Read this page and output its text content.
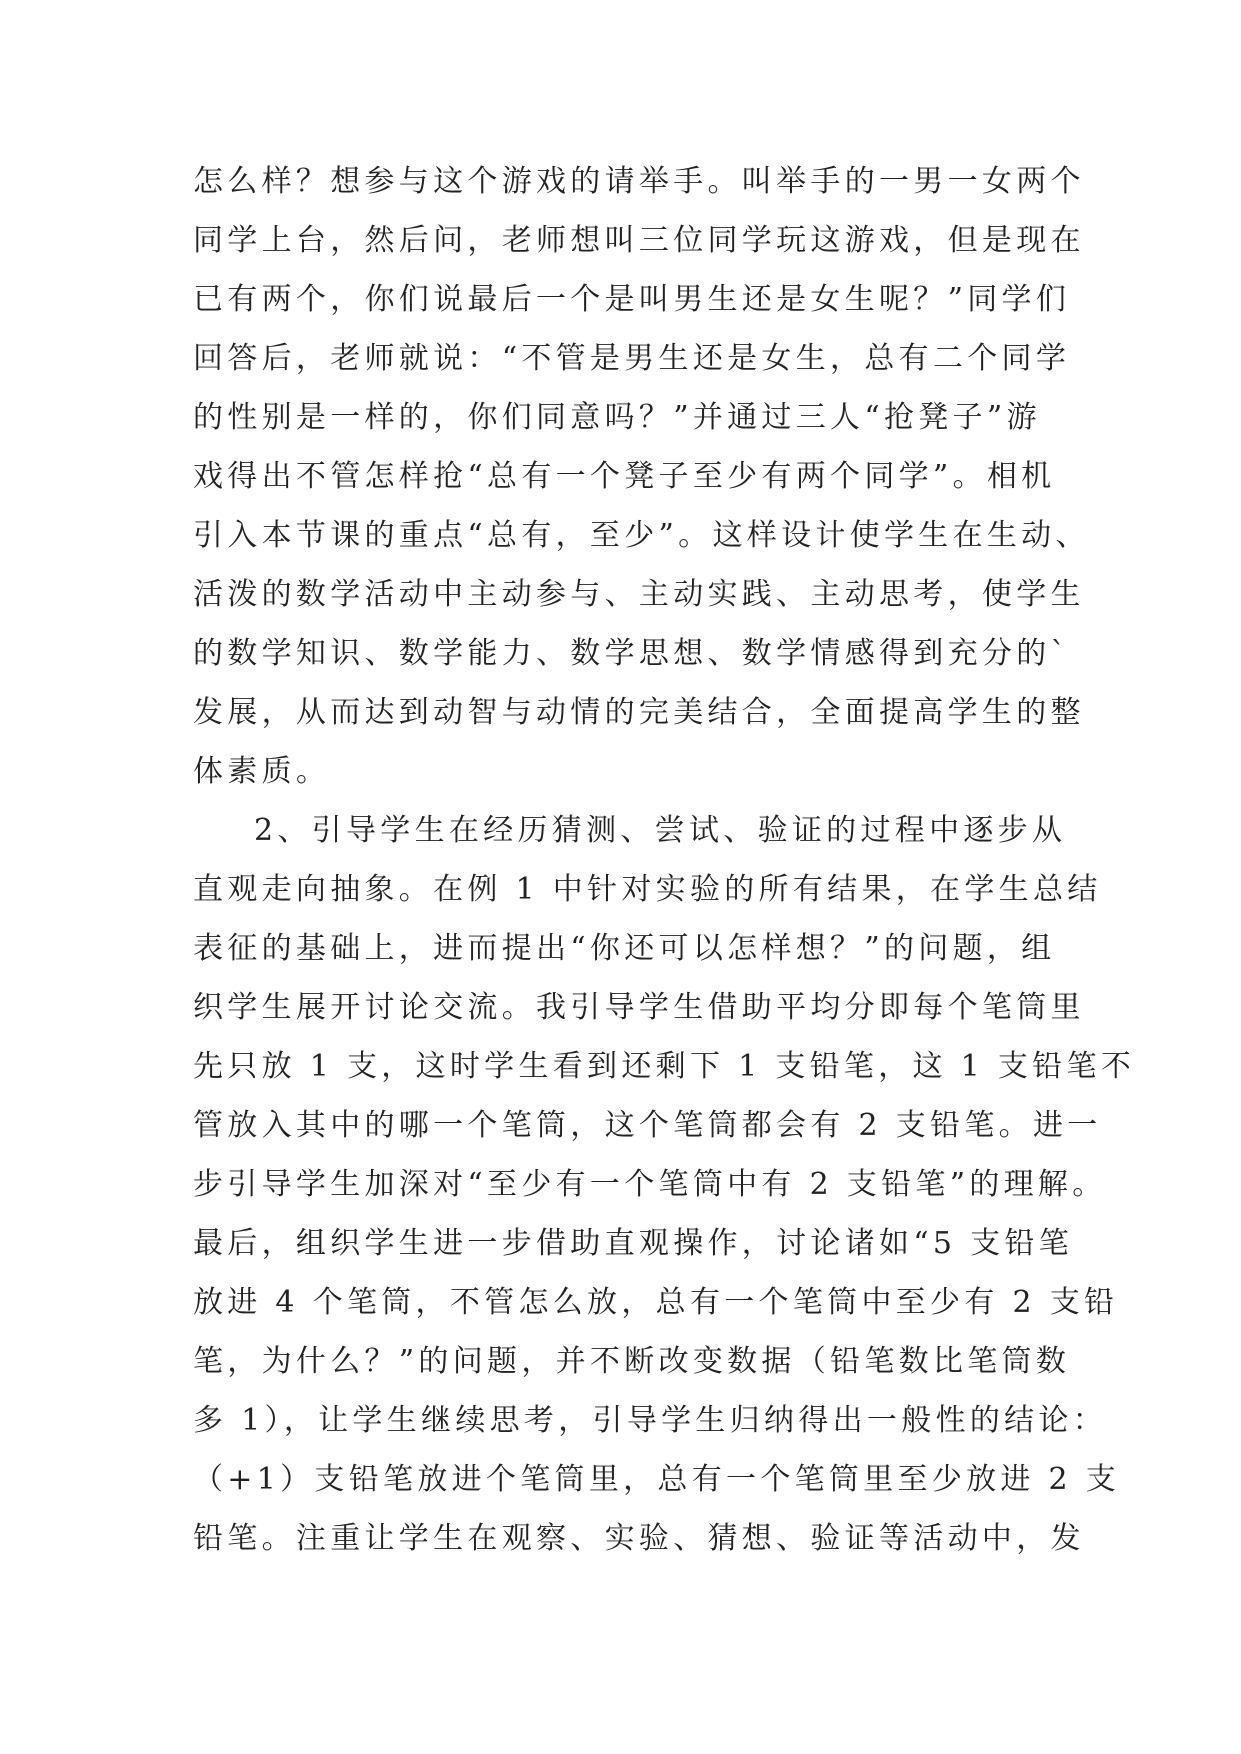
怎么样？想参与这个游戏的请举手。叫举手的一男一女两个
同学上台，然后问，老师想叫三位同学玩这游戏，但是现在
已有两个，你们说最后一个是叫男生还是女生呢？”同学们
回答后，老师就说：“不管是男生还是女生，总有二个同学
的性别是一样的，你们同意吗？”并通过三人“抢凳子”游
戏得出不管怎样抢“总有一个凳子至少有两个同学”。相机
引入本节课的重点“总有，至少”。这样设计使学生在生动、
活泼的数学活动中主动参与、主动实践、主动思考，使学生
的数学知识、数学能力、数学思想、数学情感得到充分的`
发展，从而达到动智与动情的完美结合，全面提高学生的整
体素质。
2、引导学生在经历猜测、尝试、验证的过程中逐步从
直观走向抽象。在例 1 中针对实验的所有结果，在学生总结
表征的基础上，进而提出“你还可以怎样想？”的问题，组
织学生展开讨论交流。我引导学生借助平均分即每个笔筒里
先只放 1 支，这时学生看到还剩下 1 支铅笔，这 1 支铅笔不
管放入其中的哪一个笔筒，这个笔筒都会有 2 支铅笔。进一
步引导学生加深对“至少有一个笔筒中有 2 支铅笔”的理解。
最后，组织学生进一步借助直观操作，讨论诸如“5 支铅笔
放进 4 个笔筒，不管怎么放，总有一个笔筒中至少有 2 支铅
笔，为什么？”的问题，并不断改变数据（铅笔数比笔筒数
多 1），让学生继续思考，引导学生归纳得出一般性的结论：
（+1）支铅笔放进个笔筒里，总有一个笔筒里至少放进 2 支
铅笔。注重让学生在观察、实验、猜想、验证等活动中，发
